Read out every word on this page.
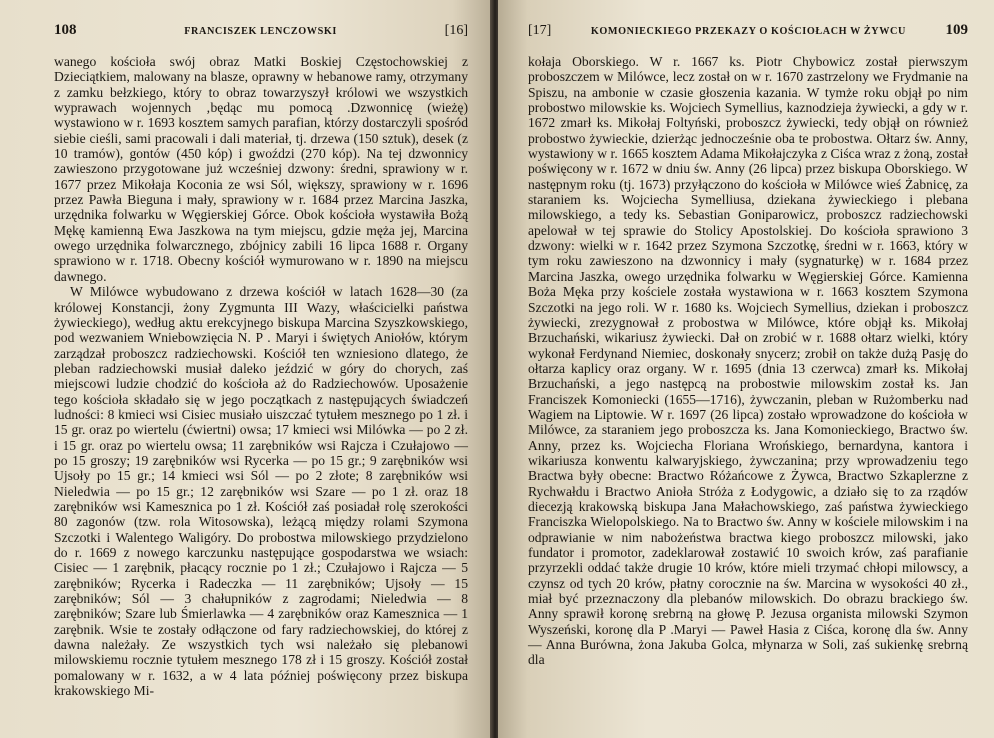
108	FRANCISZEK LENCZOWSKI	[16]

wanego kościoła swój obraz Matki Boskiej Częstochowskiej z Dzieciątkiem, malowany na blasze, oprawny w hebanowe ramy, otrzymany z zamku bełzkiego, który to obraz towarzyszył królowi we wszystkich wyprawach wojennych ‚będąc mu pomocą .Dzwonnicę (wieżę) wystawiono w r. 1693 kosztem samych parafian, którzy dostarczyli spośród siebie cieśli, sami pracowali i dali materiał, tj. drzewa (150 sztuk), desek (z 10 tramów), gontów (450 kóp) i gwoździ (270 kóp). Na tej dzwonnicy zawieszono przygotowane już wcześniej dzwony: średni, sprawiony w r. 1677 przez Mikołaja Koconia ze wsi Sól, większy, sprawiony w r. 1696 przez Pawła Bieguna i mały, sprawiony w r. 1684 przez Marcina Jaszka, urzędnika folwarku w Węgierskiej Górce. Obok kościoła wystawiła Bożą Mękę kamienną Ewa Jaszkowa na tym miejscu, gdzie męża jej, Marcina owego urzędnika folwarcznego, zbójnicy zabili 16 lipca 1688 r. Organy sprawiono w r. 1718. Obecny kościół wymurowano w r. 1890 na miejscu dawnego.

W Milówce wybudowano z drzewa kościół w latach 1628—30 (za królowej Konstancji, żony Zygmunta III Wazy, właścicielki państwa żywieckiego), według aktu erekcyjnego biskupa Marcina Szyszkowskiego, pod wezwaniem Wniebowzięcia N. P . Maryi i świętych Aniołów, którym zarządzał proboszcz radziechowski. Kościół ten wzniesiono dlatego, że pleban radziechowski musiał daleko jeździć w góry do chorych, zaś miejscowi ludzie chodzić do kościoła aż do Radziechowów. Uposażenie tego kościoła składało się w jego początkach z następujących świadczeń ludności: 8 kmieci wsi Cisiec musiało uiszczać tytułem mesznego po 1 zł. i 15 gr. oraz po wiertelu (ćwiertni) owsa; 17 kmieci wsi Milówka — po 2 zł. i 15 gr. oraz po wiertelu owsa; 11 zarębników wsi Rajcza i Czułajowo — po 15 groszy; 19 zarębników wsi Rycerka — po 15 gr.; 9 zarębników wsi Ujsoły po 15 gr.; 14 kmieci wsi Sól — po 2 złote; 8 zarębników wsi Nieledwia — po 15 gr.; 12 zarębników wsi Szare — po 1 zł. oraz 18 zarębników wsi Kamesznica po 1 zł. Kościół zaś posiadał rolę szerokości 80 zagonów (tzw. rola Witosowska), leżącą między rolami Szymona Szczotki i Walentego Waligóry. Do probostwa milowskiego przydzielono do r. 1669 z nowego karczunku następujące gospodarstwa we wsiach: Cisiec — 1 zarębnik, płacący rocznie po 1 zł.; Czułajowo i Rajcza — 5 zarębników; Rycerka i Radeczka — 11 zarębników; Ujsoły — 15 zarębników; Sól — 3 chałupników z zagrodami; Nieledwia — 8 zarębników; Szare lub Śmierlawka — 4 zarębników oraz Kamesznica — 1 zarębnik. Wsie te zostały odłączone od fary radziechowskiej, do której z dawna należały. Ze wszystkich tych wsi należało się plebanowi milowskiemu rocznie tytułem mesznego 178 zł i 15 groszy. Kościół został pomalowany w r. 1632, a w 4 lata później poświęcony przez biskupa krakowskiego Mi-

[17]	KOMONIECKIEGO PRZEKAZY O KOŚCIOŁACH W ŻYWCU	109

kołaja Oborskiego. W r. 1667 ks. Piotr Chybowicz został pierwszym proboszczem w Milówce, lecz został on w r. 1670 zastrzelony we Frydmanie na Spiszu, na ambonie w czasie głoszenia kazania. W tymże roku objął po nim probostwo milowskie ks. Wojciech Symellius, kaznodzieja żywiecki, a gdy w r. 1672 zmarł ks. Mikołaj Foltyński, proboszcz żywiecki, tedy objął on również probostwo żywieckie, dzierżąc jednocześnie oba te probostwa. Ołtarz św. Anny, wystawiony w r. 1665 kosztem Adama Mikołajczyka z Ciśca wraz z żoną, został poświęcony w r. 1672 w dniu św. Anny (26 lipca) przez biskupa Oborskiego. W następnym roku (tj. 1673) przyłączono do kościoła w Milówce wieś Żabnicę, za staraniem ks. Wojciecha Symelliusa, dziekana żywieckiego i plebana milowskiego, a tedy ks. Sebastian Goniparowicz, proboszcz radziechowski apelował w tej sprawie do Stolicy Apostolskiej. Do kościoła sprawiono 3 dzwony: wielki w r. 1642 przez Szymona Szczotkę, średni w r. 1663, który w tym roku zawieszono na dzwonnicy i mały (sygnaturkę) w r. 1684 przez Marcina Jaszka, owego urzędnika folwarku w Węgierskiej Górce. Kamienna Boża Męka przy kościele została wystawiona w r. 1663 kosztem Szymona Szczotki na jego roli. W r. 1680 ks. Wojciech Symellius, dziekan i proboszcz żywiecki, zrezygnował z probostwa w Milówce, które objął ks. Mikołaj Brzuchański, wikariusz żywiecki. Dał on zrobić w r. 1688 ołtarz wielki, który wykonał Ferdynand Niemiec, doskonały snycerz; zrobił on także dużą Pasję do ołtarza kaplicy oraz organy. W r. 1695 (dnia 13 czerwca) zmarł ks. Mikołaj Brzuchański, a jego następcą na probostwie milowskim został ks. Jan Franciszek Komoniecki (1655—1716), żywczanin, pleban w Rużomberku nad Wagiem na Liptowie. W r. 1697 (26 lipca) zostało wprowadzone do kościoła w Milówce, za staraniem jego proboszcza ks. Jana Komonieckiego, Bractwo św. Anny, przez ks. Wojciecha Floriana Wrońskiego, bernardyna, kantora i wikariusza konwentu kalwaryjskiego, żywczanina; przy wprowadzeniu tego Bractwa były obecne: Bractwo Różańcowe z Żywca, Bractwo Szkaplerzne z Rychwałdu i Bractwo Anioła Stróża z Łodygowic, a działo się to za rządów diecezją krakowską biskupa Jana Małachowskiego, zaś państwa żywieckiego Franciszka Wielopolskiego. Na to Bractwo św. Anny w kościele milowskim i na odprawianie w nim nabożeństwa bractwa kiego proboszcz milowski, jako fundator i promotor, zadeklarował zostawić 10 swoich krów, zaś parafianie przyrzekli oddać także drugie 10 krów, które mieli trzymać chłopi milowscy, a czynsz od tych 20 krów, płatny corocznie na św. Marcina w wysokości 40 zł., miał być przeznaczony dla plebanów milowskich. Do obrazu brackiego św. Anny sprawił koronę srebrną na głowę P. Jezusa organista milowski Szymon Wyszeński, koronę dla P .Maryi — Paweł Hasia z Ciśca, koronę dla św. Anny — Anna Burówna, żona Jakuba Golca, młynarza w Soli, zaś sukienkę srebrną dla
